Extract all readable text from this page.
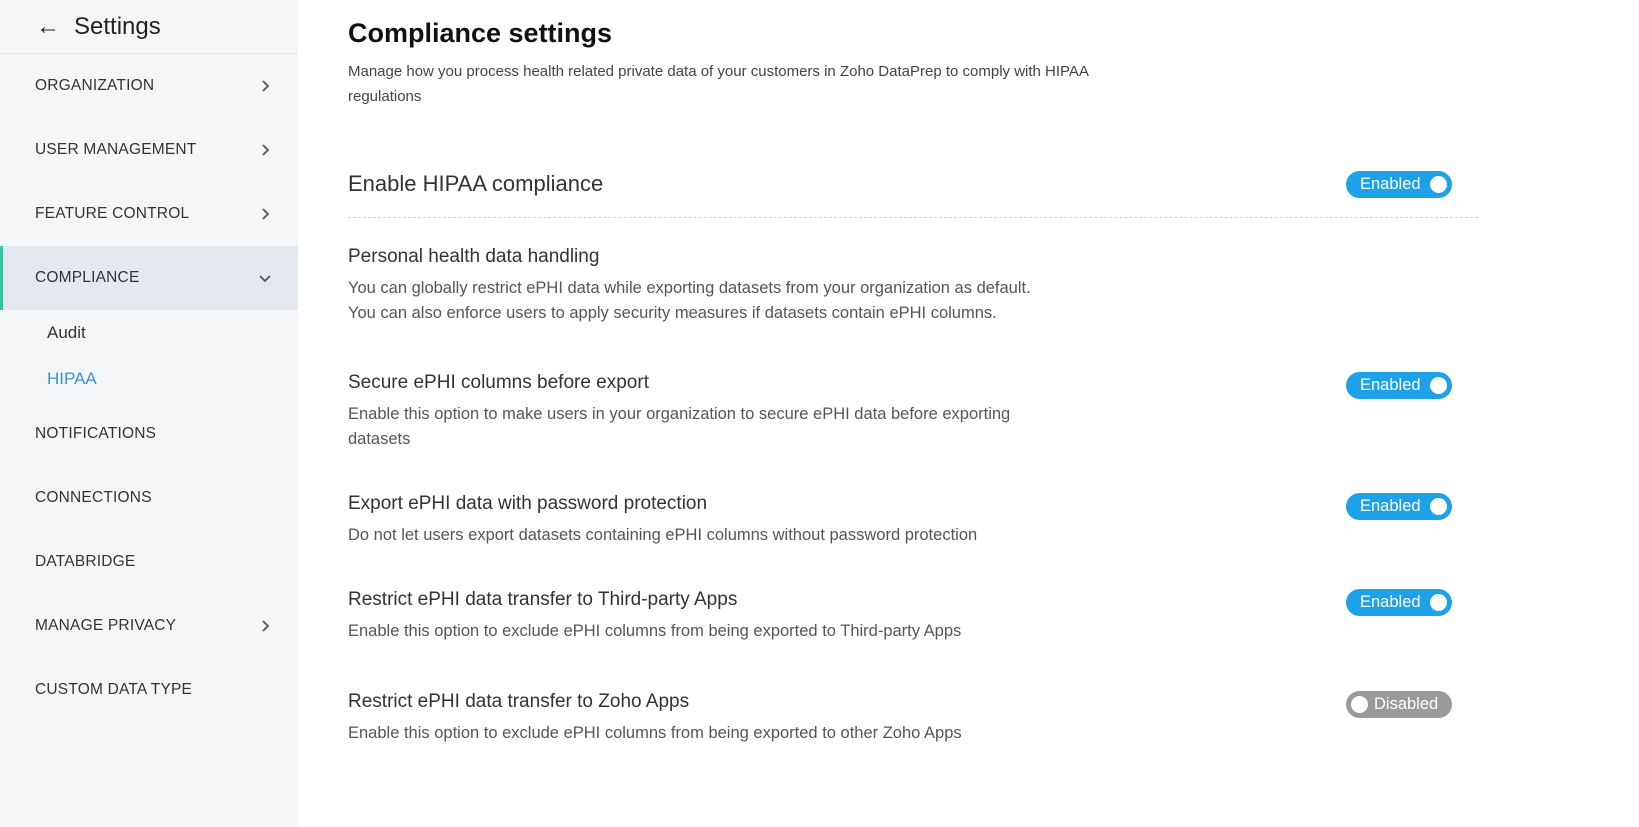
← Settings
ORGANIZATION
USER MANAGEMENT
FEATURE CONTROL
COMPLIANCE
Audit
HIPAA
NOTIFICATIONS
CONNECTIONS
DATABRIDGE
MANAGE PRIVACY
CUSTOM DATA TYPE
Compliance settings

Manage how you process health related private data of your customers in Zoho DataPrep to comply with HIPAA regulations

Enable HIPAA compliance	Enabled
Personal health data handling
You can globally restrict ePHI data while exporting datasets from your organization as default. You can also enforce users to apply security measures if datasets contain ePHI columns.
Secure ePHI columns before export
Enable this option to make users in your organization to secure ePHI data before exporting datasets
Enabled
Export ePHI data with password protection
Do not let users export datasets containing ePHI columns without password protection
Enabled
Restrict ePHI data transfer to Third-party Apps
Enable this option to exclude ePHI columns from being exported to Third-party Apps
Enabled
Restrict ePHI data transfer to Zoho Apps
Enable this option to exclude ePHI columns from being exported to other Zoho Apps
Disabled
